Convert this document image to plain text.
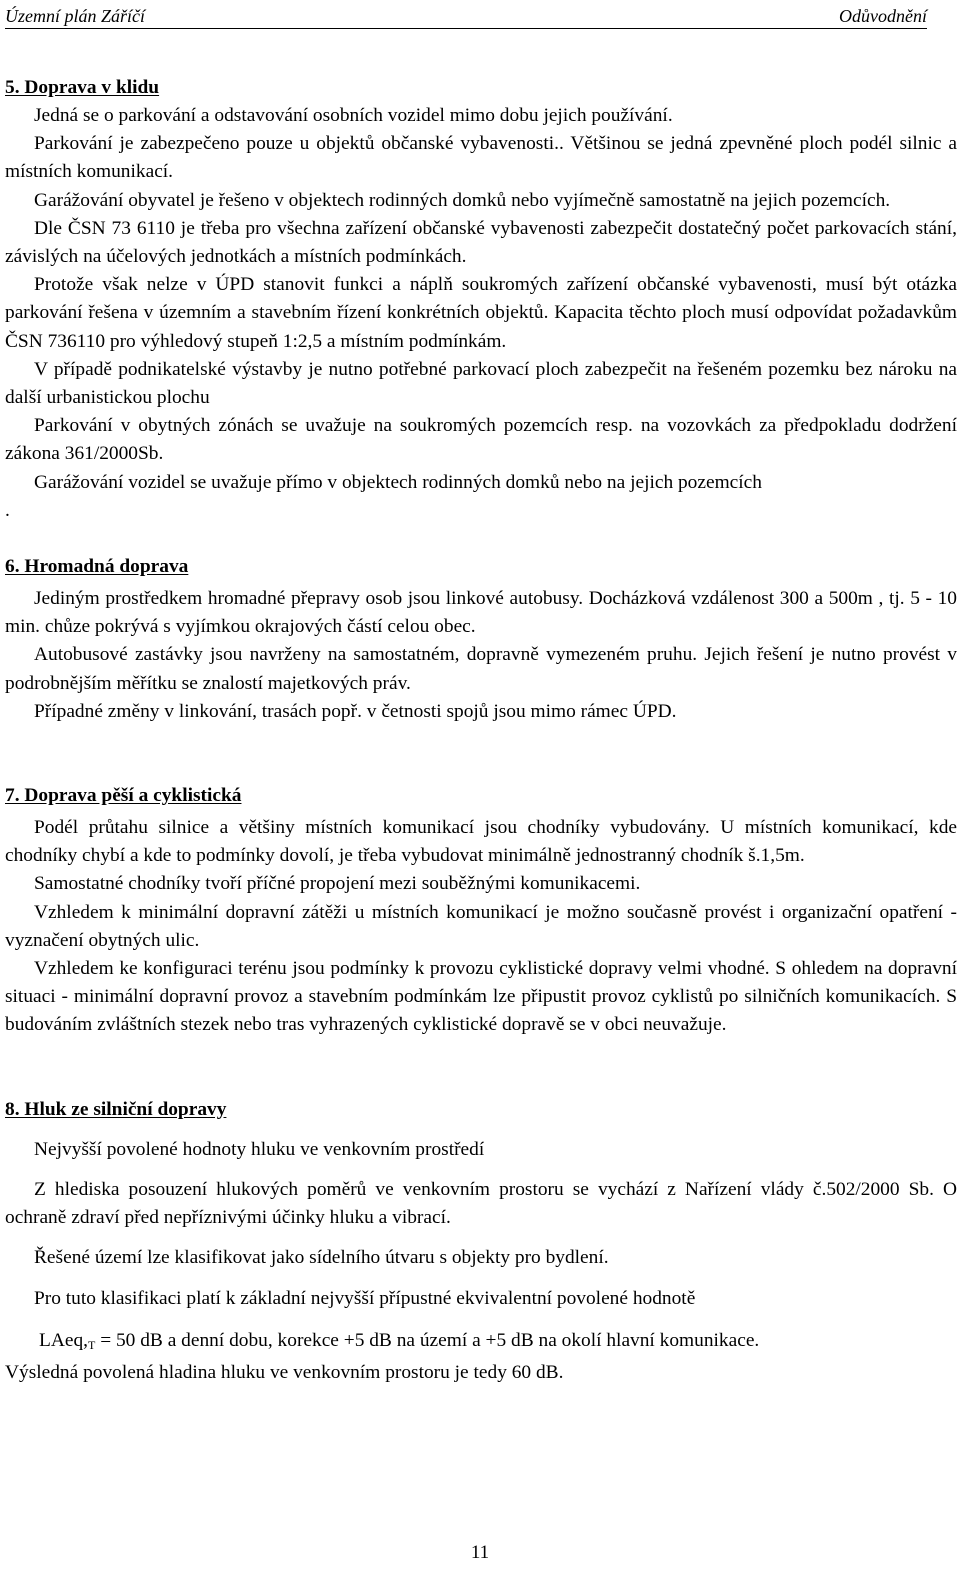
Územní plán Záříčí	Odůvodnění

5. Doprava v klidu

Jedná se o parkování a odstavování osobních vozidel mimo dobu jejich používání.

Parkování je zabezpečeno pouze u objektů občanské vybavenosti.. Většinou se jedná zpevněné ploch podél silnic a místních komunikací.

Garážování obyvatel je řešeno v objektech rodinných domků nebo vyjímečně samostatně na jejich pozemcích.

Dle ČSN 73 6110 je třeba pro všechna zařízení občanské vybavenosti zabezpečit dostatečný počet parkovacích stání, závislých na účelových jednotkách a místních podmínkách.

Protože však nelze v ÚPD stanovit funkci a náplň soukromých zařízení občanské vybavenosti, musí být otázka parkování řešena v územním a stavebním řízení konkrétních objektů. Kapacita těchto ploch musí odpovídat požadavkům ČSN 736110 pro výhledový stupeň 1:2,5 a místním podmínkám.

V případě podnikatelské výstavby je nutno potřebné parkovací ploch zabezpečit na řešeném pozemku bez nároku na další urbanistickou plochu

Parkování v obytných zónách se uvažuje na soukromých pozemcích resp. na vozovkách za předpokladu dodržení zákona 361/2000Sb.

Garážování vozidel se uvažuje přímo v objektech rodinných domků nebo na jejich pozemcích

.

6. Hromadná doprava

Jediným prostředkem hromadné přepravy osob jsou linkové autobusy. Docházková vzdálenost 300 a 500m , tj. 5 - 10 min. chůze pokrývá s vyjímkou okrajových částí celou obec.

Autobusové zastávky jsou navrženy na samostatném, dopravně vymezeném pruhu. Jejich řešení je nutno provést v podrobnějším měřítku se znalostí majetkových práv.

Případné změny v linkování, trasách popř. v četnosti spojů jsou mimo rámec ÚPD.

7. Doprava pěší a cyklistická

Podél průtahu silnice a většiny místních komunikací jsou chodníky vybudovány. U místních komunikací, kde chodníky chybí a kde to podmínky dovolí, je třeba vybudovat minimálně jednostranný chodník š.1,5m.

Samostatné chodníky tvoří příčné propojení mezi souběžnými komunikacemi.

Vzhledem k minimální dopravní zátěži u místních komunikací je možno současně provést i organizační opatření - vyznačení obytných ulic.

Vzhledem ke konfiguraci terénu jsou podmínky k provozu cyklistické dopravy velmi vhodné. S ohledem na dopravní situaci - minimální dopravní provoz a stavebním podmínkám lze připustit provoz cyklistů po silničních komunikacích. S budováním zvláštních stezek nebo tras vyhrazených cyklistické dopravě se v obci neuvažuje.

8. Hluk ze silniční dopravy

Nejvyšší povolené hodnoty hluku ve venkovním prostředí

Z hlediska posouzení hlukových poměrů ve venkovním prostoru se vychází z Nařízení vlády č.502/2000 Sb. O ochraně zdraví před nepříznivými účinky hluku a vibrací.

Řešené území lze klasifikovat jako sídelního útvaru s objekty pro bydlení.

Pro tuto klasifikaci platí k základní nejvyšší přípustné ekvivalentní povolené hodnotě

$LAeq,_T = 50$ dB a denní dobu, korekce +5 dB na území a +5 dB na okolí hlavní komunikace.

Výsledná povolená hladina hluku ve venkovním prostoru je tedy 60 dB.

11
